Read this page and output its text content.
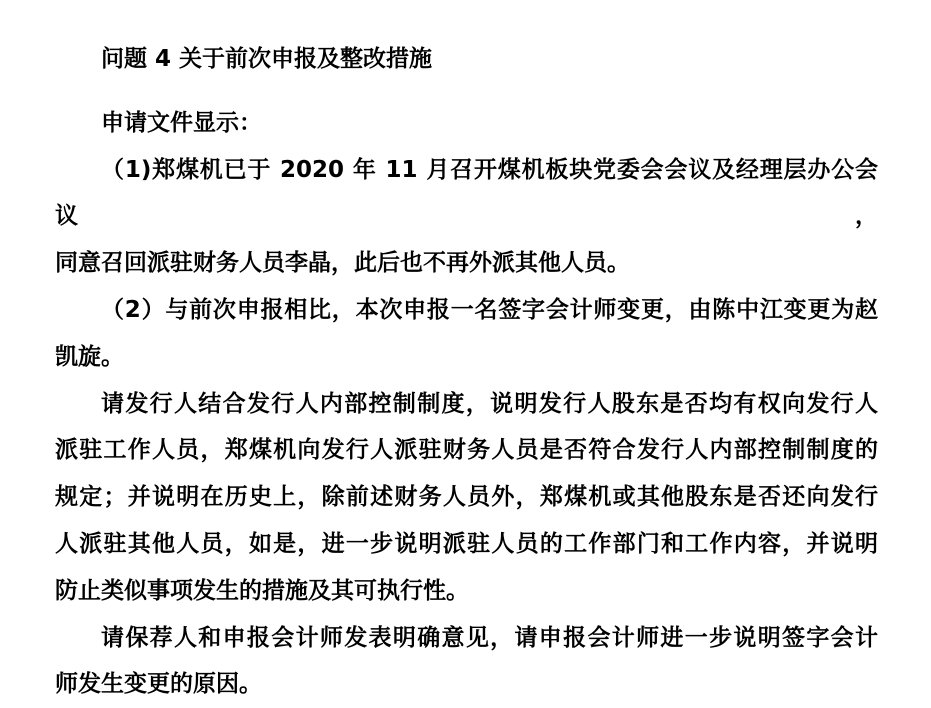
问题 4 关于前次申报及整改措施
申请文件显示：
（1)郑煤机已于 2020 年 11 月召开煤机板块党委会会议及经理层办公会议，
同意召回派驻财务人员李晶，此后也不再外派其他人员。
（2）与前次申报相比，本次申报一名签字会计师变更，由陈中江变更为赵
凯旋。
请发行人结合发行人内部控制制度，说明发行人股东是否均有权向发行人
派驻工作人员，郑煤机向发行人派驻财务人员是否符合发行人内部控制制度的
规定；并说明在历史上，除前述财务人员外，郑煤机或其他股东是否还向发行
人派驻其他人员，如是，进一步说明派驻人员的工作部门和工作内容，并说明
防止类似事项发生的措施及其可执行性。
请保荐人和申报会计师发表明确意见，请申报会计师进一步说明签字会计
师发生变更的原因。
